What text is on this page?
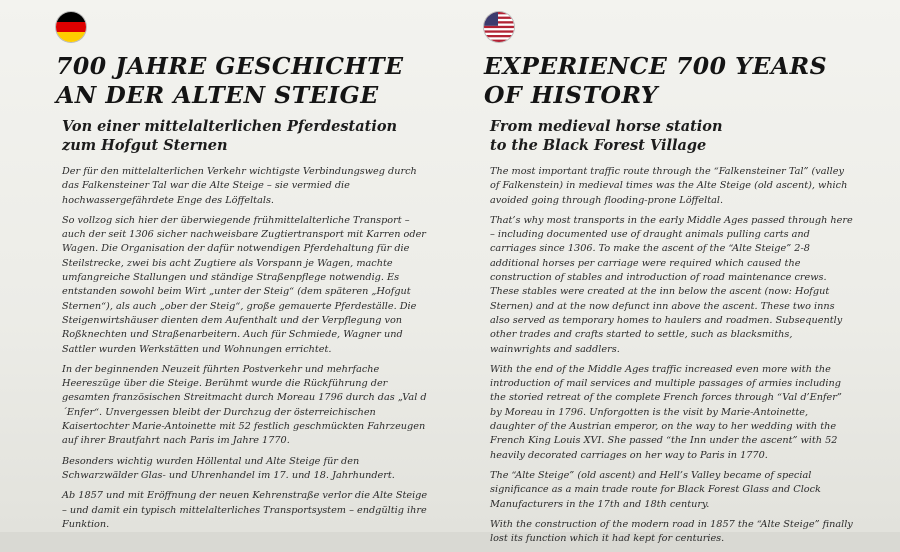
700 JAHRE GESCHICHTE
AN DER ALTEN STEIGE
Von einer mittelalterlichen Pferdestation
zum Hofgut Sternen

Der für den mittelalterlichen Verkehr wichtigste Verbindungsweg durch das Falkensteiner Tal war die Alte Steige – sie vermied die hochwassergefährdete Enge des Löffeltals.

So vollzog sich hier der überwiegende frühmittelalterliche Transport – auch der seit 1306 sicher nachweisbare Zugtiertransport mit Karren oder Wagen. Die Organisation der dafür notwendigen Pferdehaltung für die Steilstrecke, zwei bis acht Zugtiere als Vorspann je Wagen, machte umfangreiche Stallungen und ständige Straßenpflege notwendig. Es entstanden sowohl beim Wirt „unter der Steig“ (dem späteren „Hofgut Sternen“), als auch „ober der Steig“, große gemauerte Pferdeställe. Die Steigenwirtshäuser dienten dem Aufenthalt und der Verpflegung von Roßknechten und Straßenarbeitern. Auch für Schmiede, Wagner und Sattler wurden Werkstätten und Wohnungen errichtet.

In der beginnenden Neuzeit führten Postverkehr und mehrfache Heereszüge über die Steige. Berühmt wurde die Rückführung der gesamten französischen Streitmacht durch Moreau 1796 durch das „Val d´Enfer“. Unvergessen bleibt der Durchzug der österreichischen Kaisertochter Marie-Antoinette mit 52 festlich geschmückten Fahrzeugen auf ihrer Brautfahrt nach Paris im Jahre 1770.

Besonders wichtig wurden Höllental und Alte Steige für den Schwarzwälder Glas- und Uhrenhandel im 17. und 18. Jahrhundert.

Ab 1857 und mit Eröffnung der neuen Kehrenstraße verlor die Alte Steige – und damit ein typisch mittelalterliches Transportsystem – endgültig ihre Funktion.

EXPERIENCE 700 YEARS
OF HISTORY
From medieval horse station
to the Black Forest Village

The most important traffic route through the “Falkensteiner Tal” (valley of Falkenstein) in medieval times was the Alte Steige (old ascent), which avoided going through flooding-prone Löffeltal.

That’s why most transports in the early Middle Ages passed through here – including documented use of draught animals pulling carts and carriages since 1306. To make the ascent of the “Alte Steige” 2-8 additional horses per carriage were required which caused the construction of stables and introduction of road maintenance crews. These stables were created at the inn below the ascent (now: Hofgut Sternen) and at the now defunct inn above the ascent. These two inns also served as temporary homes to haulers and roadmen. Subsequently other trades and crafts started to settle, such as blacksmiths, wainwrights and saddlers.

With the end of the Middle Ages traffic increased even more with the introduction of mail services and multiple passages of armies including the storied retreat of the complete French forces through “Val d’Enfer” by Moreau in 1796. Unforgotten is the visit by Marie-Antoinette, daughter of the Austrian emperor, on the way to her wedding with the French King Louis XVI. She passed “the Inn under the ascent” with 52 heavily decorated carriages on her way to Paris in 1770.

The “Alte Steige” (old ascent) and Hell’s Valley became of special significance as a main trade route for Black Forest Glass and Clock Manufacturers in the 17th and 18th century.

With the construction of the modern road in 1857 the “Alte Steige” finally lost its function which it had kept for centuries.
